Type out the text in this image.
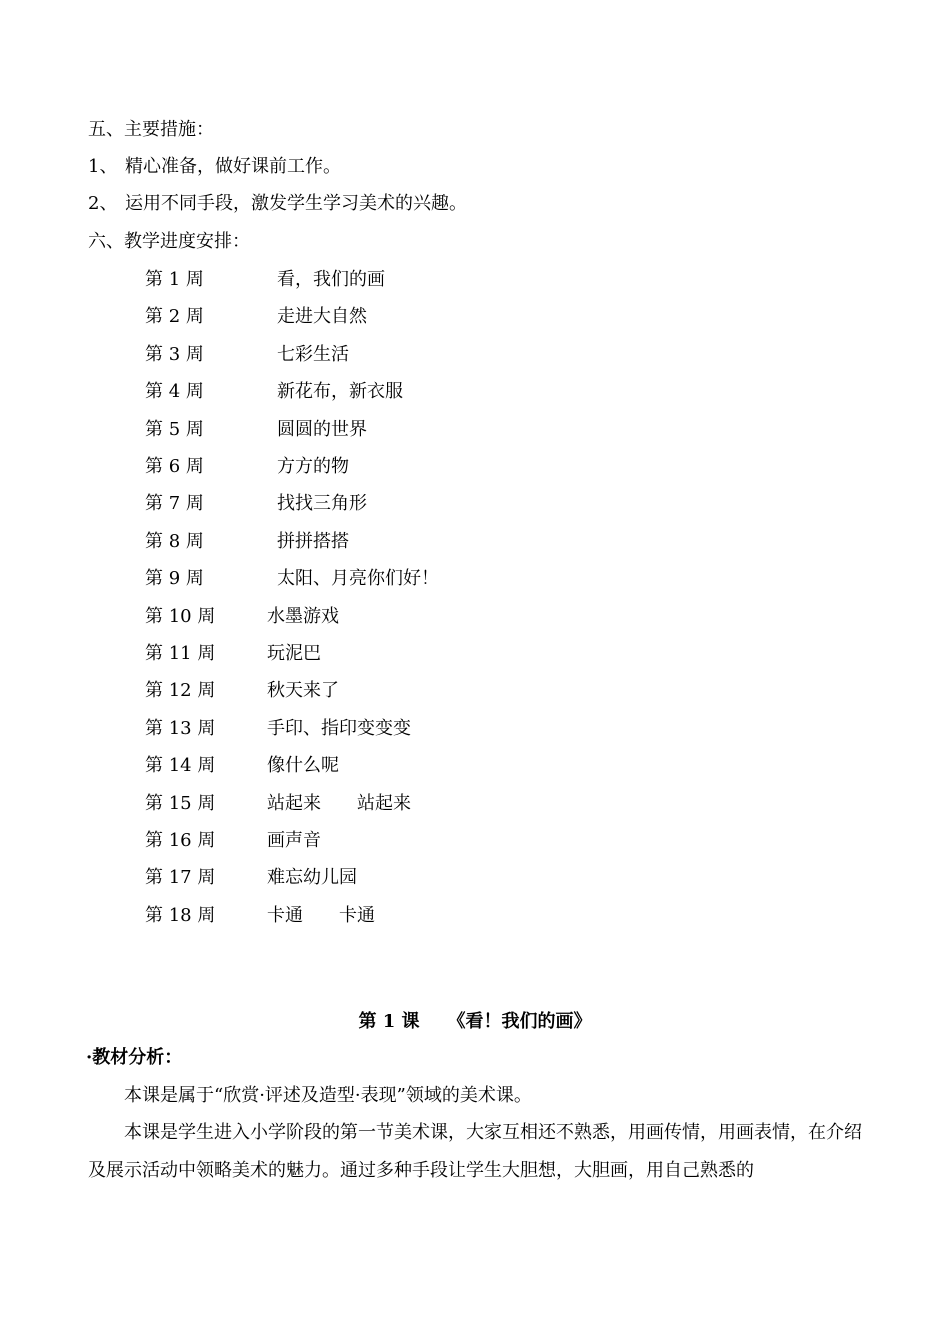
五、主要措施：
1、 精心准备，做好课前工作。
2、 运用不同手段，激发学生学习美术的兴趣。
六、教学进度安排：
第 1 周	看，我们的画
第 2 周	走进大自然
第 3 周	七彩生活
第 4 周	新花布，新衣服
第 5 周	圆圆的世界
第 6 周	方方的物
第 7 周	找找三角形
第 8 周	拼拼搭搭
第 9 周	太阳、月亮你们好！
第 10 周	水墨游戏
第 11 周	玩泥巴
第 12 周	秋天来了
第 13 周	手印、指印变变变
第 14 周	像什么呢
第 15 周	站起来　　站起来
第 16 周	画声音
第 17 周	难忘幼儿园
第 18 周	卡通　　卡通
第 1 课 《看！我们的画》
·教材分析：
本课是属于“欣赏·评述及造型·表现”领域的美术课。
本课是学生进入小学阶段的第一节美术课，大家互相还不熟悉，用画传情，用画表情，在介绍及展示活动中领略美术的魅力。通过多种手段让学生大胆想，大胆画，用自己熟悉的
